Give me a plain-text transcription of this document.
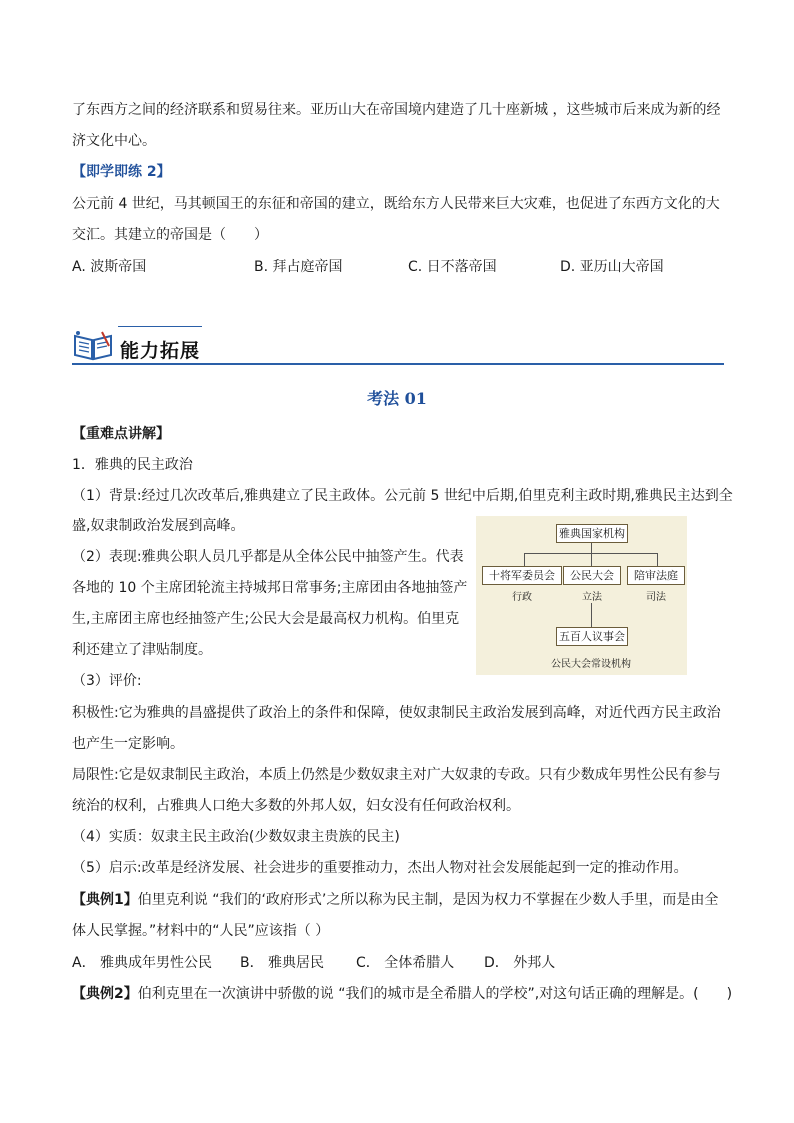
了东西方之间的经济联系和贸易往来。亚历山大在帝国境内建造了几十座新城 ，这些城市后来成为新的经
济文化中心。
【即学即练 2】
公元前 4 世纪，马其顿国王的东征和帝国的建立，既给东方人民带来巨大灾难，也促进了东西方文化的大
交汇。其建立的帝国是（　　）
A. 波斯帝国	B. 拜占庭帝国	C. 日不落帝国	D. 亚历山大帝国
能力拓展
考法 01
【重难点讲解】
1．雅典的民主政治
（1）背景:经过几次改革后,雅典建立了民主政体。公元前 5 世纪中后期,伯里克利主政时期,雅典民主达到全
盛,奴隶制政治发展到高峰。
（2）表现:雅典公职人员几乎都是从全体公民中抽签产生。代表
各地的 10 个主席团轮流主持城邦日常事务;主席团由各地抽签产
生,主席团主席也经抽签产生;公民大会是最高权力机构。伯里克
利还建立了津贴制度。
雅典国家机构
十将军委员会	公民大会	陪审法庭
行政	立法	司法
五百人议事会
公民大会常设机构
（3）评价:
积极性:它为雅典的昌盛提供了政治上的条件和保障，使奴隶制民主政治发展到高峰，对近代西方民主政治
也产生一定影响。
局限性:它是奴隶制民主政治，本质上仍然是少数奴隶主对广大奴隶的专政。只有少数成年男性公民有参与
统治的权利，占雅典人口绝大多数的外邦人奴，妇女没有任何政治权利。
（4）实质：奴隶主民主政治(少数奴隶主贵族的民主)
（5）启示:改革是经济发展、社会进步的重要推动力，杰出人物对社会发展能起到一定的推动作用。
【典例1】伯里克利说 “我们的‘政府形式’之所以称为民主制，是因为权力不掌握在少数人手里，而是由全
体人民掌握。”材料中的“人民”应该指（ ）
A． 雅典成年男性公民 B． 雅典居民 C． 全体希腊人 D． 外邦人
【典例2】伯利克里在一次演讲中骄傲的说 “我们的城市是全希腊人的学校”,对这句话正确的理解是。(　　)
